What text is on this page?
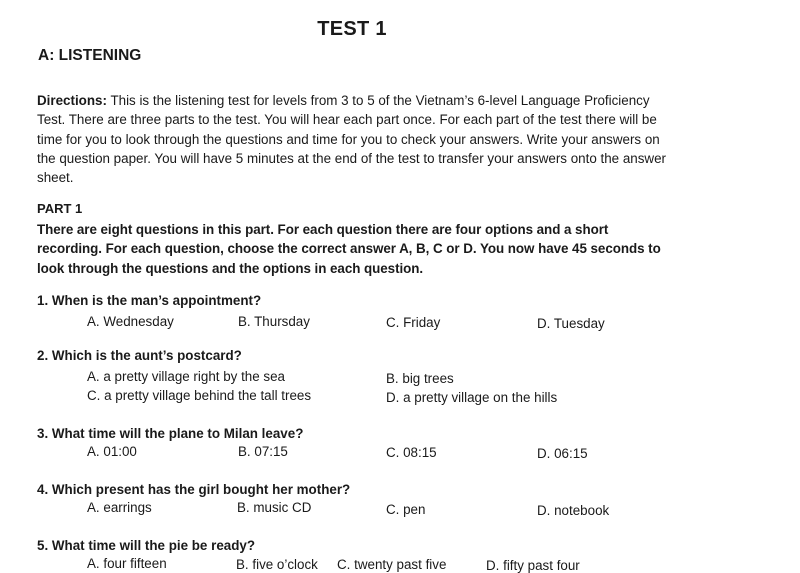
TEST 1
A: LISTENING

Directions: This is the listening test for levels from 3 to 5 of the Vietnam’s 6-level Language Proficiency Test. There are three parts to the test. You will hear each part once. For each part of the test there will be time for you to look through the questions and time for you to check your answers. Write your answers on the question paper. You will have 5 minutes at the end of the test to transfer your answers onto the answer sheet.

PART 1
There are eight questions in this part. For each question there are four options and a short recording. For each question, choose the correct answer A, B, C or D. You now have 45 seconds to look through the questions and the options in each question.
1. When is the man’s appointment?
A. Wednesday	B. Thursday	C. Friday	D. Tuesday
2. Which is the aunt’s postcard?
A. a pretty village right by the sea	B. big trees
C. a pretty village behind the tall trees	D. a pretty village on the hills
3. What time will the plane to Milan leave?
A. 01:00	B. 07:15	C. 08:15	D. 06:15
4. Which present has the girl bought her mother?
A. earrings	B. music CD	C. pen	D. notebook
5. What time will the pie be ready?
A. four fifteen	B. five o’clock C. twenty past five	D. fifty past four
